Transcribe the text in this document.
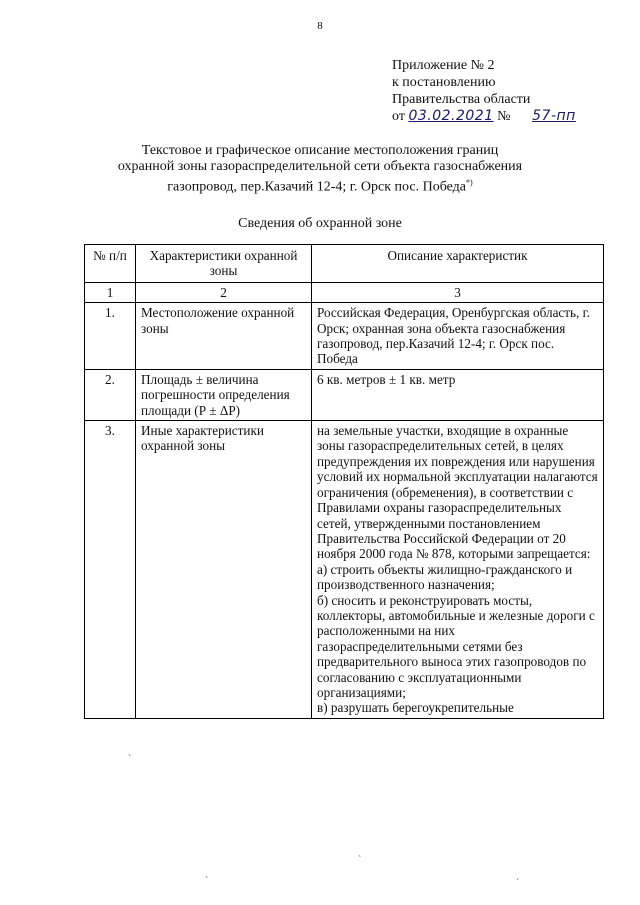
8
Приложение № 2
к постановлению
Правительства области
от 03.02.2021 № 57-пп
Текстовое и графическое описание местоположения границ
охранной зоны газораспределительной сети объекта газоснабжения
газопровод, пер.Казачий 12-4; г. Орск пос. Победа*)
Сведения об охранной зоне
№ п/п	Характеристики охранной зоны	Описание характеристик
1	2	3
1.	Местоположение охранной зоны	Российская Федерация, Оренбургская область, г. Орск; охранная зона объекта газоснабжения газопровод, пер.Казачий 12-4; г. Орск пос. Победа

2.	Площадь ± величина погрешности определения площади (Р ± ΔР)	6 кв. метров ± 1 кв. метр

3.	Иные характеристики охранной зоны	на земельные участки, входящие в охранные зоны газораспределительных сетей, в целях предупреждения их повреждения или нарушения условий их нормальной эксплуатации налагаются ограничения (обременения), в соответствии с Правилами охраны газораспределительных сетей, утвержденными постановлением Правительства Российской Федерации от 20 ноября 2000 года № 878, которыми запрещается:
а) строить объекты жилищно-гражданского и производственного назначения;
б) сносить и реконструировать мосты, коллекторы, автомобильные и железные дороги с расположенными на них газораспределительными сетями без предварительного выноса этих газопроводов по согласованию с эксплуатационными организациями;
в) разрушать берегоукрепительные
ˋ
ˋ
ˋ	ˊ
